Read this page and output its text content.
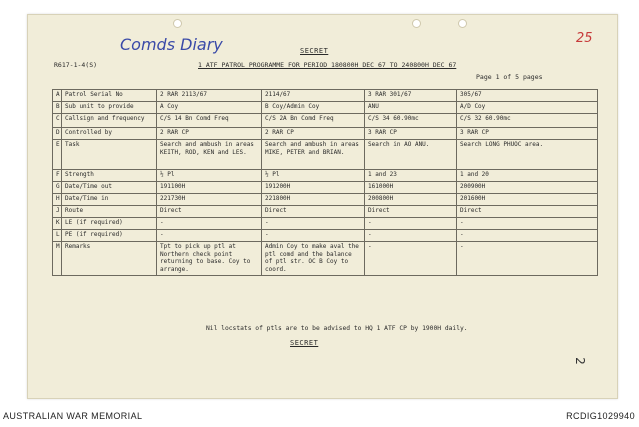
Comds Diary	25
SECRET
R617-1-4(S)	1 ATF PATROL PROGRAMME FOR PERIOD 180800H DEC 67 TO 240800H DEC 67
Page 1 of 5 pages
A	Patrol Serial No	2 RAR 2113/67	2114/67	3 RAR 301/67	305/67
B	Sub unit to provide	A Coy	B Coy/Admin Coy	ANU	A/D Coy
C	Callsign and frequency	C/S 14 Bn Comd Freq	C/S 2A Bn Comd Freq	C/S 34 60.90mc	C/S 32 60.90mc
D	Controlled by	2 RAR CP	2 RAR CP	3 RAR CP	3 RAR CP
E	Task	Search and ambush in areas KEITH, ROD, KEN and LES.	Search and ambush in areas MIKE, PETER and BRIAN.	Search in AO ANU.	Search LONG PHUOC area.
F	Strength	½ Pl	½ Pl	1 and 23	1 and 20
G	Date/Time out	191100H	191200H	161000H	200900H
H	Date/Time in	221730H	221800H	200800H	201600H
J	Route	Direct	Direct	Direct	Direct
K	LE (if required)	-	-	-	-
L	PE (if required)	-	-	-	-
M	Remarks	Tpt to pick up ptl at Northern check point returning to base. Coy to arrange.	Admin Coy to make aval the ptl comd and the balance of ptl str. OC B Coy to coord.	-	-
Nil locstats of ptls are to be advised to HQ 1 ATF CP by 1900H daily.
SECRET
2
AUSTRALIAN WAR MEMORIAL	RCDIG1029940
